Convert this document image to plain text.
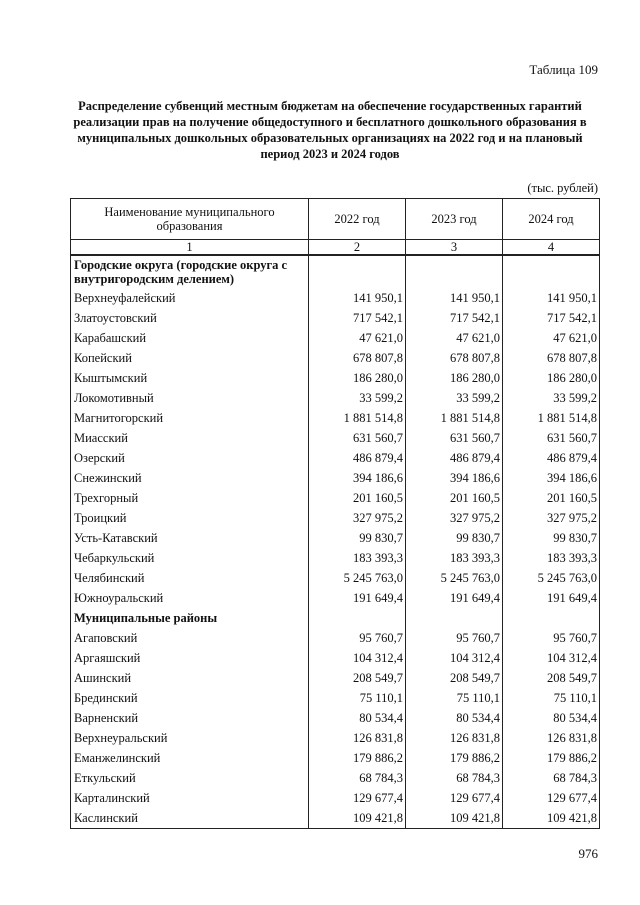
Таблица 109
Распределение субвенций местным бюджетам на обеспечение государственных гарантий реализации прав на получение общедоступного и бесплатного дошкольного образования в муниципальных дошкольных образовательных организациях на 2022 год и на плановый период 2023 и 2024 годов
(тыс. рублей)
Наименование муниципального образования	2022 год	2023 год	2024 год
1	2	3	4
Городские округа (городские округа с внутригородским делением)			
Верхнеуфалейский	141 950,1	141 950,1	141 950,1
Златоустовский	717 542,1	717 542,1	717 542,1
Карабашский	47 621,0	47 621,0	47 621,0
Копейский	678 807,8	678 807,8	678 807,8
Кыштымский	186 280,0	186 280,0	186 280,0
Локомотивный	33 599,2	33 599,2	33 599,2
Магнитогорский	1 881 514,8	1 881 514,8	1 881 514,8
Миасский	631 560,7	631 560,7	631 560,7
Озерский	486 879,4	486 879,4	486 879,4
Снежинский	394 186,6	394 186,6	394 186,6
Трехгорный	201 160,5	201 160,5	201 160,5
Троицкий	327 975,2	327 975,2	327 975,2
Усть-Катавский	99 830,7	99 830,7	99 830,7
Чебаркульский	183 393,3	183 393,3	183 393,3
Челябинский	5 245 763,0	5 245 763,0	5 245 763,0
Южноуральский	191 649,4	191 649,4	191 649,4
Муниципальные районы			
Агаповский	95 760,7	95 760,7	95 760,7
Аргаяшский	104 312,4	104 312,4	104 312,4
Ашинский	208 549,7	208 549,7	208 549,7
Брединский	75 110,1	75 110,1	75 110,1
Варненский	80 534,4	80 534,4	80 534,4
Верхнеуральский	126 831,8	126 831,8	126 831,8
Еманжелинский	179 886,2	179 886,2	179 886,2
Еткульский	68 784,3	68 784,3	68 784,3
Карталинский	129 677,4	129 677,4	129 677,4
Каслинский	109 421,8	109 421,8	109 421,8
976
